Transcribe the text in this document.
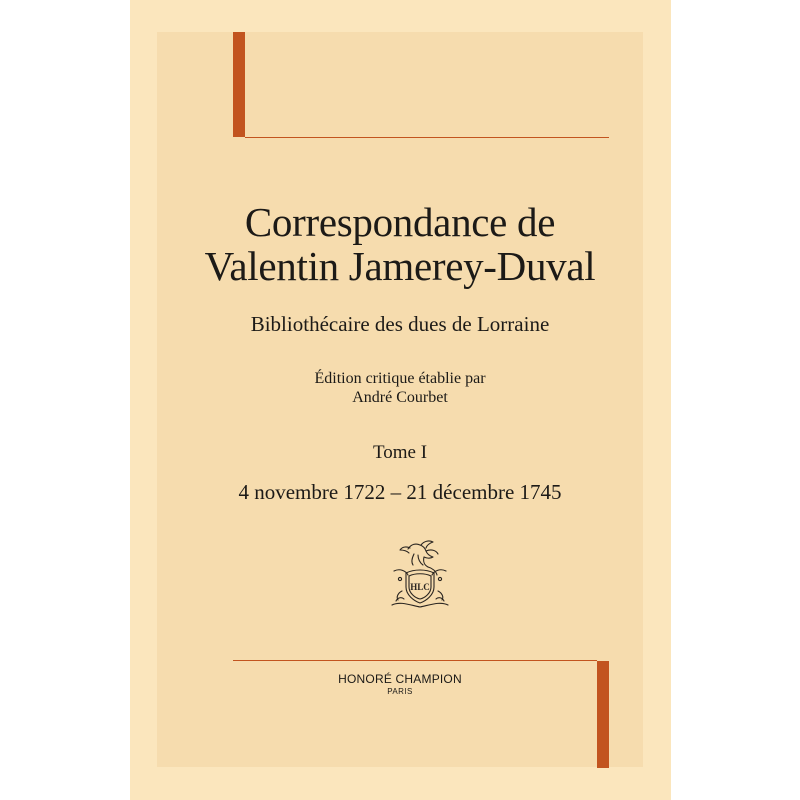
Correspondance de
Valentin Jamerey-Duval
Bibliothécaire des dues de Lorraine
Édition critique établie par
André Courbet
Tome I
4 novembre 1722 – 21 décembre 1745
HLC
HONORÉ CHAMPION
PARIS
